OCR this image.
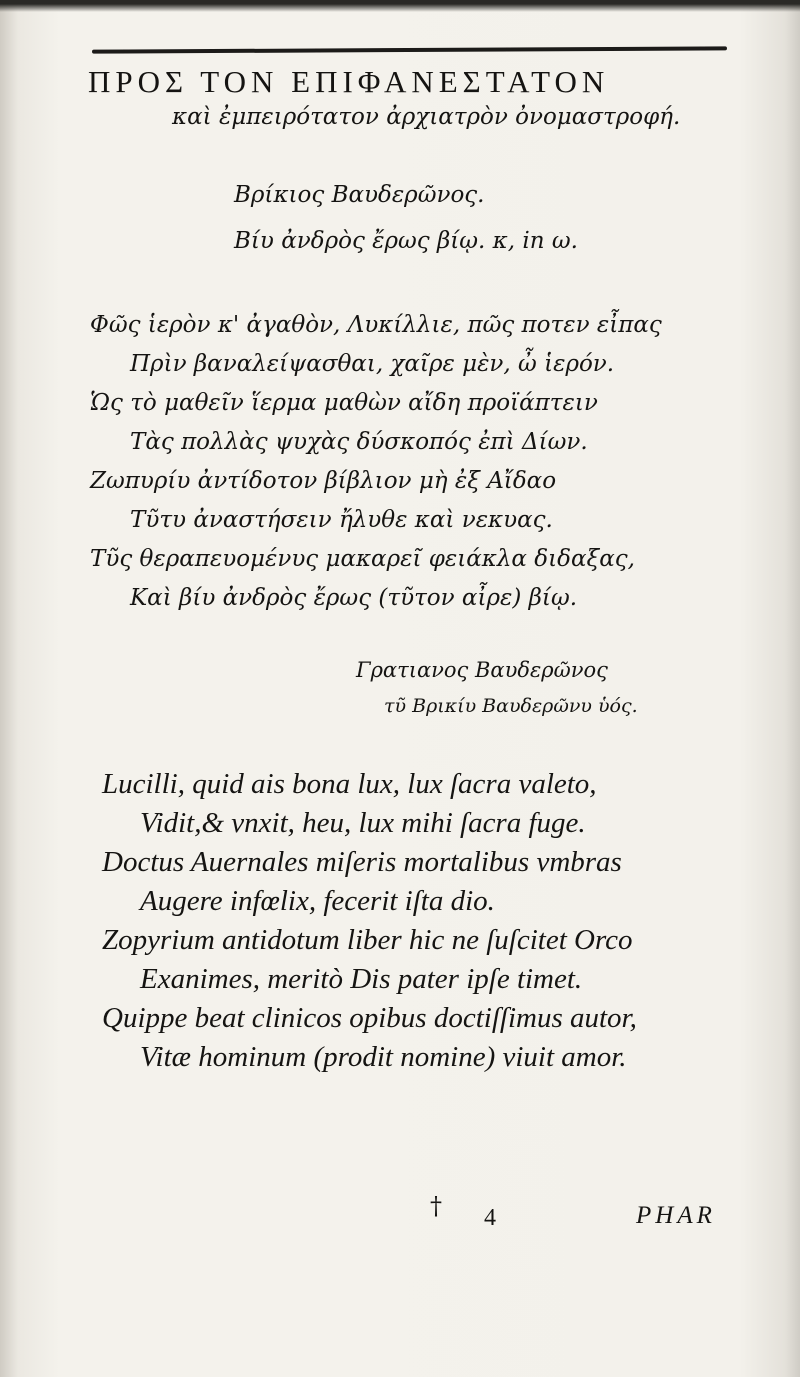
ΠΡΟΣ ΤΟΝ ΕΠΙΦΑΝΕΣΤΑΤΟΝ
καὶ ἐμπειρότατον ἀρχιατρὸν ὀνομαστροφή.
Βρίκιος Βαυδερῶνος.
Βίυ ἀνδρὸς ἔρως βίῳ. κ, in ω.
Φῶς ἱερὸν κ' ἀγαθὸν, Λυκίλλιε, πῶς ποτεν εἶπας
Πρὶν βαναλείψασθαι, χαῖρε μὲν, ὦ ἱερόν.
Ὡς τὸ μαθεῖν ἵερμα μαθὼν αἴδη προϊάπτειν
Τὰς πολλὰς ψυχὰς δύσκοπός ἐπὶ Δίων.
Ζωπυρίυ ἀντίδοτον βίβλιον μὴ ἐξ Αἴδαο
Τῦτυ ἀναστήσειν ἤλυθε καὶ νεκυας.
Τῦς θεραπευομένυς μακαρεῖ φειάκλα διδαξας,
Καὶ βίυ ἀνδρὸς ἔρως (τῦτον αἶρε) βίῳ.
Γρατιανος Βαυδερῶνος
τῦ Βρικίυ Βαυδερῶνυ ὑός.
Lucilli, quid ais bona lux, lux ſacra valeto,
Vidit,& vnxit, heu, lux mihi ſacra fuge.
Doctus Auernales miſeris mortalibus vmbras
Augere infœlix, fecerit iſta dio.
Zopyrium antidotum liber hic ne ſuſcitet Orco
Exanimes, meritò Dis pater ipſe timet.
Quippe beat clinicos opibus doctiſſimus autor,
Vitæ hominum (prodit nomine) viuit amor.
† 4	PHAR
